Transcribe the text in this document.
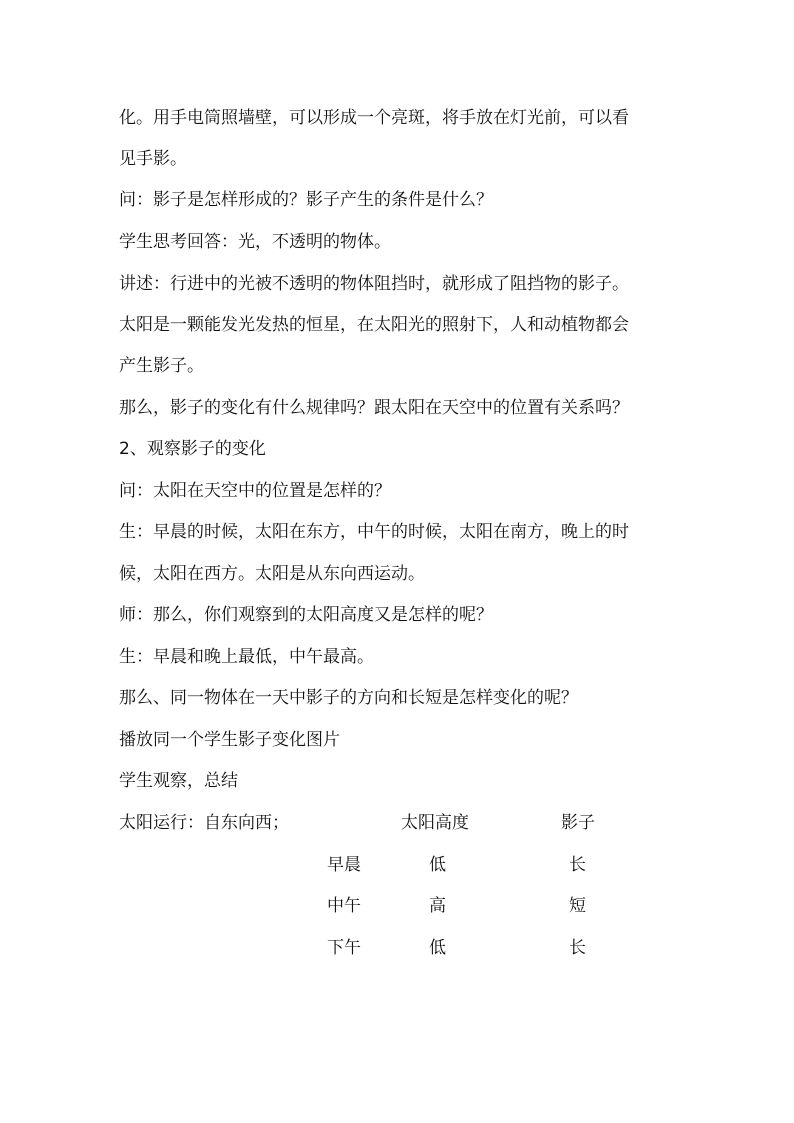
化。用手电筒照墙壁，可以形成一个亮斑，将手放在灯光前，可以看
见手影。
问：影子是怎样形成的？影子产生的条件是什么？
学生思考回答：光，不透明的物体。
讲述：行进中的光被不透明的物体阻挡时，就形成了阻挡物的影子。
太阳是一颗能发光发热的恒星，在太阳光的照射下，人和动植物都会
产生影子。
那么，影子的变化有什么规律吗？跟太阳在天空中的位置有关系吗？
2、观察影子的变化
问：太阳在天空中的位置是怎样的？
生：早晨的时候，太阳在东方，中午的时候，太阳在南方，晚上的时
候，太阳在西方。太阳是从东向西运动。
师：那么，你们观察到的太阳高度又是怎样的呢？
生：早晨和晚上最低，中午最高。
那么、同一物体在一天中影子的方向和长短是怎样变化的呢？
播放同一个学生影子变化图片
学生观察，总结
太阳运行：自东向西；	太阳高度	影子
早晨	低	长
中午	高	短
下午	低	长
